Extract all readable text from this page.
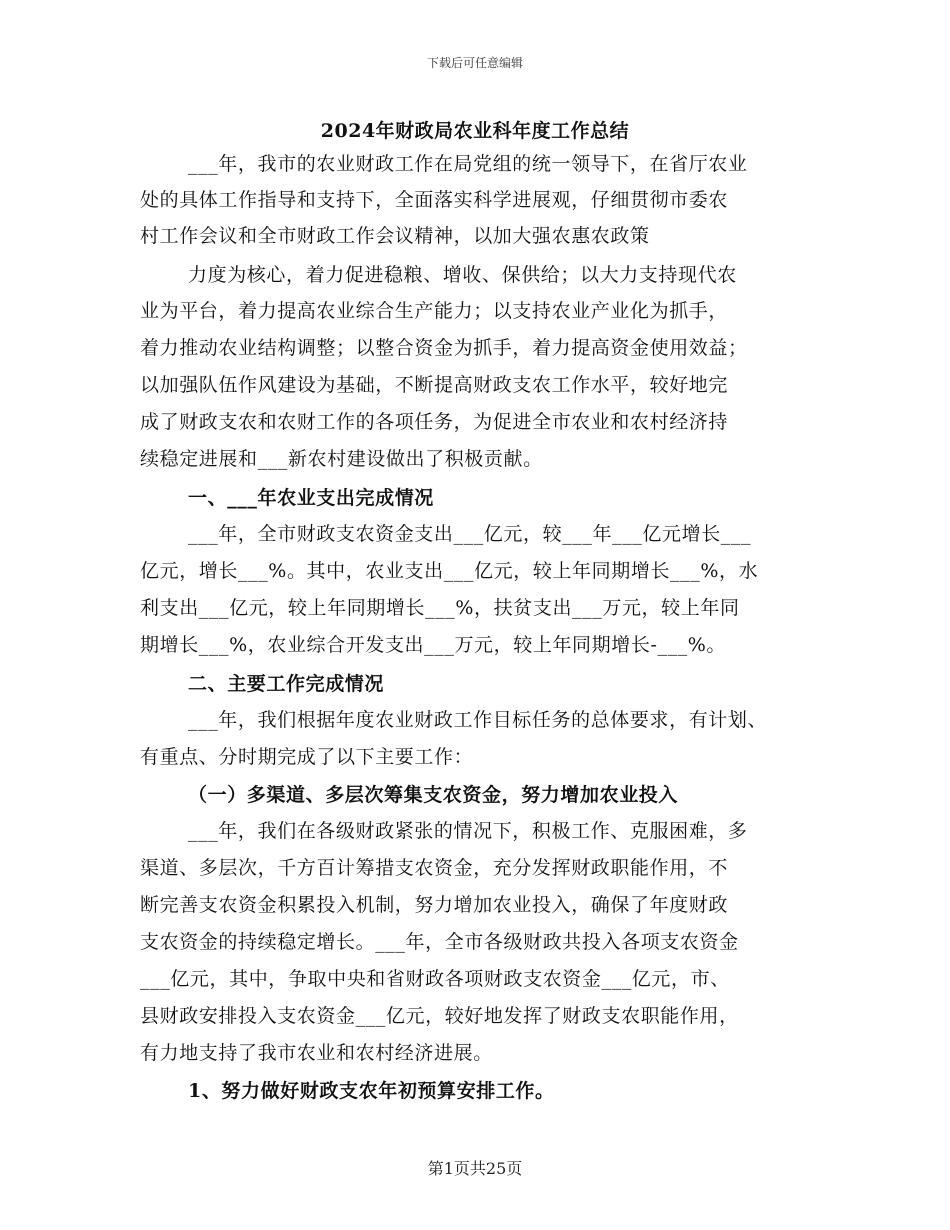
下载后可任意编辑
2024年财政局农业科年度工作总结
___年，我市的农业财政工作在局党组的统一领导下，在省厅农业
处的具体工作指导和支持下，全面落实科学进展观，仔细贯彻市委农
村工作会议和全市财政工作会议精神，以加大强农惠农政策
力度为核心，着力促进稳粮、增收、保供给；以大力支持现代农
业为平台，着力提高农业综合生产能力；以支持农业产业化为抓手，
着力推动农业结构调整；以整合资金为抓手，着力提高资金使用效益；
以加强队伍作风建设为基础，不断提高财政支农工作水平，较好地完
成了财政支农和农财工作的各项任务，为促进全市农业和农村经济持
续稳定进展和___新农村建设做出了积极贡献。
一、___年农业支出完成情况
___年，全市财政支农资金支出___亿元，较___年___亿元增长___
亿元，增长___%。其中，农业支出___亿元，较上年同期增长___%，水
利支出___亿元，较上年同期增长___%，扶贫支出___万元，较上年同
期增长___%，农业综合开发支出___万元，较上年同期增长-___%。
二、主要工作完成情况
___年，我们根据年度农业财政工作目标任务的总体要求，有计划、
有重点、分时期完成了以下主要工作：
（一）多渠道、多层次筹集支农资金，努力增加农业投入
___年，我们在各级财政紧张的情况下，积极工作、克服困难，多
渠道、多层次，千方百计筹措支农资金，充分发挥财政职能作用，不
断完善支农资金积累投入机制，努力增加农业投入，确保了年度财政
支农资金的持续稳定增长。___年，全市各级财政共投入各项支农资金
___亿元，其中，争取中央和省财政各项财政支农资金___亿元，市、
县财政安排投入支农资金___亿元，较好地发挥了财政支农职能作用，
有力地支持了我市农业和农村经济进展。
1、努力做好财政支农年初预算安排工作。
第1页共25页
